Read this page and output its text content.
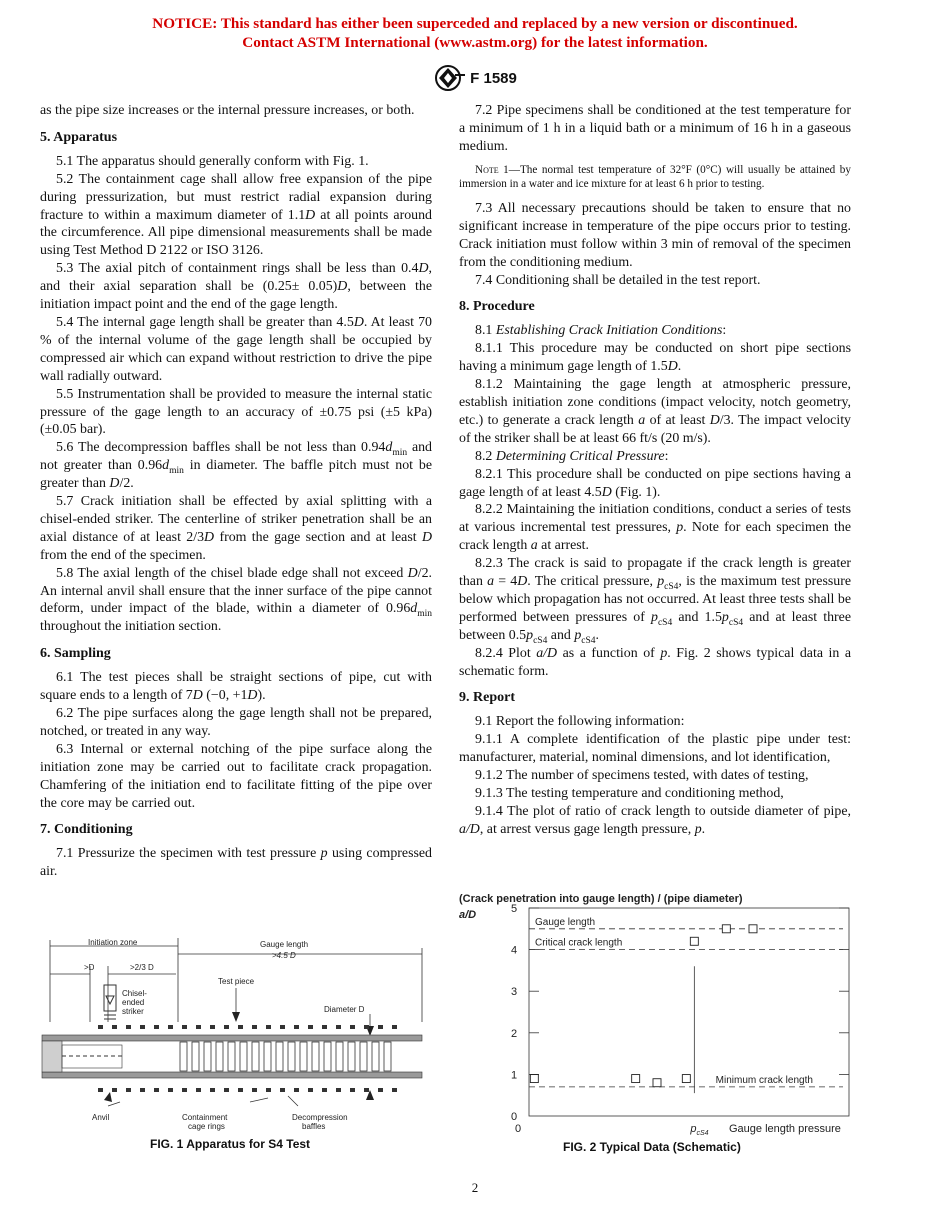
NOTICE: This standard has either been superceded and replaced by a new version or discontinued.
Contact ASTM International (www.astm.org) for the latest information.
F 1589

as the pipe size increases or the internal pressure increases, or both.

5. Apparatus

5.1 The apparatus should generally conform with Fig. 1.

5.2 The containment cage shall allow free expansion of the pipe during pressurization, but must restrict radial expansion during fracture to within a maximum diameter of 1.1D at all points around the circumference. All pipe dimensional measurements shall be made using Test Method D 2122 or ISO 3126.

5.3 The axial pitch of containment rings shall be less than 0.4D, and their axial separation shall be (0.25± 0.05)D, between the initiation impact point and the end of the gage length.

5.4 The internal gage length shall be greater than 4.5D. At least 70 % of the internal volume of the gage length shall be occupied by compressed air which can expand without restriction to drive the pipe wall radially outward.

5.5 Instrumentation shall be provided to measure the internal static pressure of the gage length to an accuracy of ±0.75 psi (±5 kPa) (±0.05 bar).

5.6 The decompression baffles shall be not less than $0.94d_{min}$ and not greater than $0.96d_{min}$ in diameter. The baffle pitch must not be greater than D/2.

5.7 Crack initiation shall be effected by axial splitting with a chisel-ended striker. The centerline of striker penetration shall be an axial distance of at least 2/3D from the gage section and at least D from the end of the specimen.

5.8 The axial length of the chisel blade edge shall not exceed D/2. An internal anvil shall ensure that the inner surface of the pipe cannot deform, under impact of the blade, within a diameter of $0.96d_{min}$ throughout the initiation section.

6. Sampling

6.1 The test pieces shall be straight sections of pipe, cut with square ends to a length of 7D (−0, +1D).

6.2 The pipe surfaces along the gage length shall not be prepared, notched, or treated in any way.

6.3 Internal or external notching of the pipe surface along the initiation zone may be carried out to facilitate crack propagation. Chamfering of the initiation end to facilitate fitting of the pipe over the core may be carried out.

7. Conditioning

7.1 Pressurize the specimen with test pressure p using compressed air.

7.2 Pipe specimens shall be conditioned at the test temperature for a minimum of 1 h in a liquid bath or a minimum of 16 h in a gaseous medium.

Note 1—The normal test temperature of 32°F (0°C) will usually be attained by immersion in a water and ice mixture for at least 6 h prior to testing.

7.3 All necessary precautions should be taken to ensure that no significant increase in temperature of the pipe occurs prior to testing. Crack initiation must follow within 3 min of removal of the specimen from the conditioning medium.

7.4 Conditioning shall be detailed in the test report.

8. Procedure

8.1 Establishing Crack Initiation Conditions:

8.1.1 This procedure may be conducted on short pipe sections having a minimum gage length of 1.5D.

8.1.2 Maintaining the gage length at atmospheric pressure, establish initiation zone conditions (impact velocity, notch geometry, etc.) to generate a crack length a of at least D/3. The impact velocity of the striker shall be at least 66 ft/s (20 m/s).

8.2 Determining Critical Pressure:

8.2.1 This procedure shall be conducted on pipe sections having a gage length of at least 4.5D (Fig. 1).

8.2.2 Maintaining the initiation conditions, conduct a series of tests at various incremental test pressures, p. Note for each specimen the crack length a at arrest.

8.2.3 The crack is said to propagate if the crack length is greater than a = 4D. The critical pressure, $p_{cS4}$, is the maximum test pressure below which propagation has not occurred. At least three tests shall be performed between pressures of $p_{cS4}$ and $1.5p_{cS4}$ and at least three between $0.5p_{cS4}$ and $p_{cS4}$.

8.2.4 Plot a/D as a function of p. Fig. 2 shows typical data in a schematic form.

9. Report

9.1 Report the following information:

9.1.1 A complete identification of the plastic pipe under test: manufacturer, material, nominal dimensions, and lot identification,

9.1.2 The number of specimens tested, with dates of testing,

9.1.3 The testing temperature and conditioning method,

9.1.4 The plot of ratio of crack length to outside diameter of pipe, a/D, at arrest versus gage length pressure, p.

Initiation zone	Gauge length
>4.5 D
>D	>2/3 D
Chisel-
ended
striker
Test piece
Diameter D
Anvil	Containment
cage rings
Decompression
baffles
FIG. 1 Apparatus for S4 Test
(Crack penetration into gauge length) / (pipe diameter)
a/D
0
1
2
3
4
5
Gauge length
Critical crack length
Minimum crack length
0	$p_{cS4}$ Gauge length pressure
FIG. 2 Typical Data (Schematic)
2
